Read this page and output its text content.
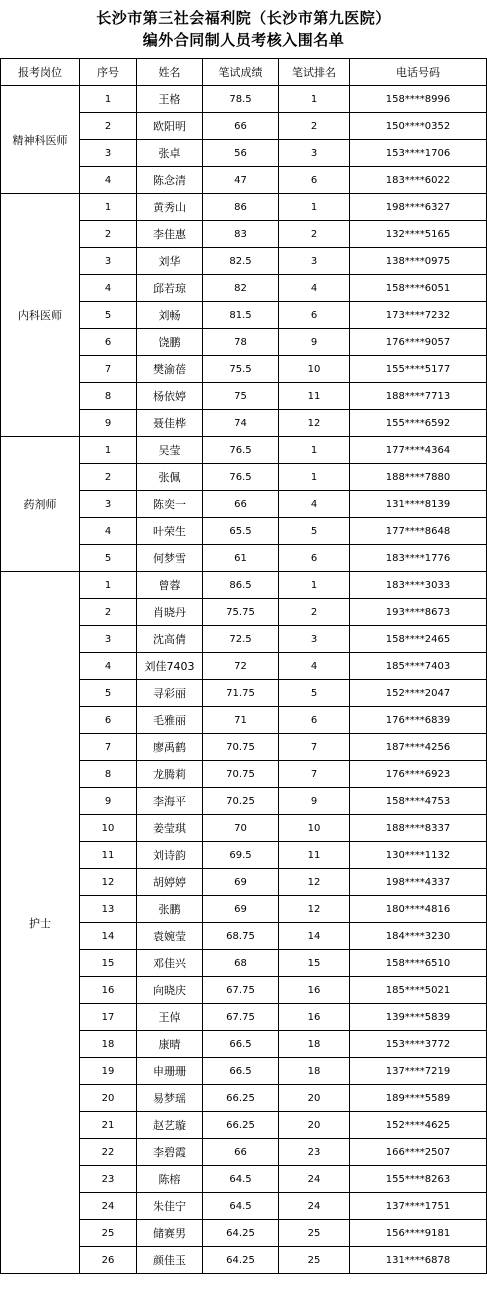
长沙市第三社会福利院（长沙市第九医院）
编外合同制人员考核入围名单
报考岗位	序号	姓名	笔试成绩	笔试排名	电话号码
精神科医师	1	王格	78.5	1	158****8996
	2	欧阳明	66	2	150****0352
	3	张卓	56	3	153****1706
	4	陈念清	47	6	183****6022
内科医师	1	黄秀山	86	1	198****6327
	2	李佳惠	83	2	132****5165
	3	刘华	82.5	3	138****0975
	4	邱若琼	82	4	158****6051
	5	刘畅	81.5	6	173****7232
	6	饶鹏	78	9	176****9057
	7	樊渝蓓	75.5	10	155****5177
	8	杨依婷	75	11	188****7713
	9	聂佳桦	74	12	155****6592
药剂师	1	吴莹	76.5	1	177****4364
	2	张佩	76.5	1	188****7880
	3	陈奕一	66	4	131****8139
	4	叶荣生	65.5	5	177****8648
	5	何梦雪	61	6	183****1776
护士	1	曾蓉	86.5	1	183****3033
	2	肖晓丹	75.75	2	193****8673
	3	沈高倩	72.5	3	158****2465
	4	刘佳7403	72	4	185****7403
	5	寻彩丽	71.75	5	152****2047
	6	毛雅丽	71	6	176****6839
	7	廖禹鹤	70.75	7	187****4256
	8	龙腾莉	70.75	7	176****6923
	9	李海平	70.25	9	158****4753
	10	姜莹琪	70	10	188****8337
	11	刘诗韵	69.5	11	130****1132
	12	胡婷婷	69	12	198****4337
	13	张鹏	69	12	180****4816
	14	袁婉莹	68.75	14	184****3230
	15	邓佳兴	68	15	158****6510
	16	向晓庆	67.75	16	185****5021
	17	王倬	67.75	16	139****5839
	18	康晴	66.5	18	153****3772
	19	申珊珊	66.5	18	137****7219
	20	易梦瑶	66.25	20	189****5589
	21	赵艺璇	66.25	20	152****4625
	22	李碧霞	66	23	166****2507
	23	陈榕	64.5	24	155****8263
	24	朱佳宁	64.5	24	137****1751
	25	储赛男	64.25	25	156****9181
	26	颜佳玉	64.25	25	131****6878
